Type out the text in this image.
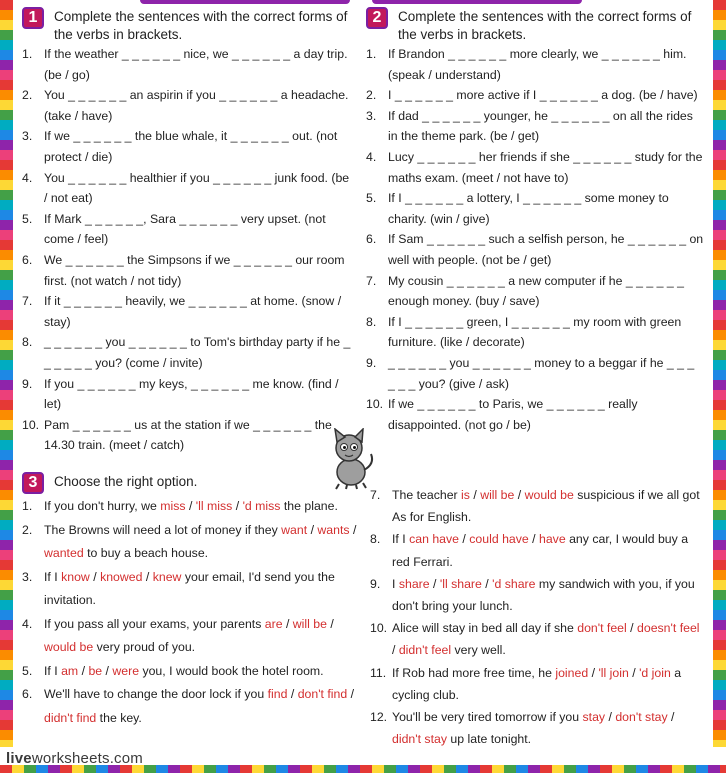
1	Complete the sentences with the correct forms of the verbs in brackets.
1. If the weather _ _ _ _ _ _ nice, we _ _ _ _ _ _ a day trip. (be / go)
2. You _ _ _ _ _ _ an aspirin if you _ _ _ _ _ _ a headache. (take / have)
3. If we _ _ _ _ _ _ the blue whale, it _ _ _ _ _ _ out. (not protect / die)
4. You _ _ _ _ _ _ healthier if you _ _ _ _ _ _ junk food. (be / not eat)
5. If Mark _ _ _ _ _ _, Sara _ _ _ _ _ _ very upset. (not come / feel)
6. We _ _ _ _ _ _ the Simpsons if we _ _ _ _ _ _ our room first. (not watch / not tidy)
7. If it _ _ _ _ _ _ heavily, we _ _ _ _ _ _ at home. (snow / stay)
8. _ _ _ _ _ _ you _ _ _ _ _ _ to Tom's birthday party if he _ _ _ _ _ _ you? (come / invite)
9. If you _ _ _ _ _ _ my keys, _ _ _ _ _ _ me know. (find / let)
10. Pam _ _ _ _ _ _ us at the station if we _ _ _ _ _ _ the 14.30 train. (meet / catch)
2	Complete the sentences with the correct forms of the verbs in brackets.
1. If Brandon _ _ _ _ _ _ more clearly, we _ _ _ _ _ _ him. (speak / understand)
2. I _ _ _ _ _ _ more active if I _ _ _ _ _ _ a dog. (be / have)
3. If dad _ _ _ _ _ _ younger, he _ _ _ _ _ _ on all the rides in the theme park. (be / get)
4. Lucy _ _ _ _ _ _ her friends if she _ _ _ _ _ _ study for the maths exam. (meet / not have to)
5. If I _ _ _ _ _ _ a lottery, I _ _ _ _ _ _ some money to charity. (win / give)
6. If Sam _ _ _ _ _ _ such a selfish person, he _ _ _ _ _ _ on well with people. (not be / get)
7. My cousin _ _ _ _ _ _ a new computer if he _ _ _ _ _ _ enough money. (buy / save)
8. If I _ _ _ _ _ _ green, I _ _ _ _ _ _ my room with green furniture. (like / decorate)
9. _ _ _ _ _ _ you _ _ _ _ _ _ money to a beggar if he _ _ _ _ _ _ you? (give / ask)
10. If we _ _ _ _ _ _ to Paris, we _ _ _ _ _ _ really disappointed. (not go / be)
3	Choose the right option.
1. If you don't hurry, we miss / 'll miss / 'd miss the plane.
2. The Browns will need a lot of money if they want / wants / wanted to buy a beach house.
3. If I know / knowed / knew your email, I'd send you the invitation.
4. If you pass all your exams, your parents are / will be / would be very proud of you.
5. If I am / be / were you, I would book the hotel room.
6. We'll have to change the door lock if you find / don't find / didn't find the key.
7. The teacher is / will be / would be suspicious if we all got As for English.
8. If I can have / could have / have any car, I would buy a red Ferrari.
9. I share / 'll share / 'd share my sandwich with you, if you don't bring your lunch.
10. Alice will stay in bed all day if she don't feel / doesn't feel / didn't feel very well.
11. If Rob had more free time, he joined / 'll join / 'd join a cycling club.
12. You'll be very tired tomorrow if you stay / don't stay / didn't stay up late tonight.
liveworksheets.com
